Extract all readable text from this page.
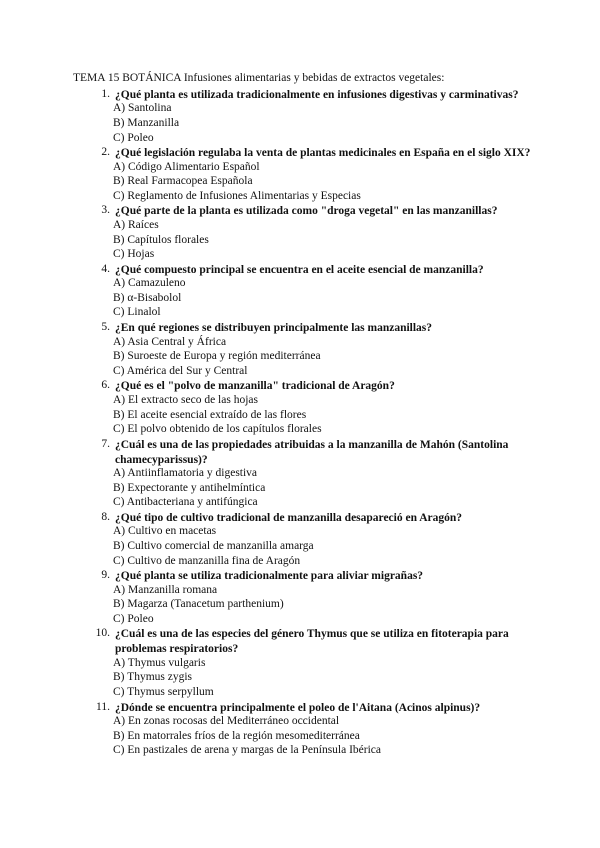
TEMA 15 BOTÁNICA Infusiones alimentarias y bebidas de extractos vegetales:
1. ¿Qué planta es utilizada tradicionalmente en infusiones digestivas y carminativas?
A) Santolina
B) Manzanilla
C) Poleo
2. ¿Qué legislación regulaba la venta de plantas medicinales en España en el siglo XIX?
A) Código Alimentario Español
B) Real Farmacopea Española
C) Reglamento de Infusiones Alimentarias y Especias
3. ¿Qué parte de la planta es utilizada como "droga vegetal" en las manzanillas?
A) Raíces
B) Capítulos florales
C) Hojas
4. ¿Qué compuesto principal se encuentra en el aceite esencial de manzanilla?
A) Camazuleno
B) α-Bisabolol
C) Linalol
5. ¿En qué regiones se distribuyen principalmente las manzanillas?
A) Asia Central y África
B) Suroeste de Europa y región mediterránea
C) América del Sur y Central
6. ¿Qué es el "polvo de manzanilla" tradicional de Aragón?
A) El extracto seco de las hojas
B) El aceite esencial extraído de las flores
C) El polvo obtenido de los capítulos florales
7. ¿Cuál es una de las propiedades atribuidas a la manzanilla de Mahón (Santolina chamecyparissus)?
A) Antiinflamatoria y digestiva
B) Expectorante y antihelmíntica
C) Antibacteriana y antifúngica
8. ¿Qué tipo de cultivo tradicional de manzanilla desapareció en Aragón?
A) Cultivo en macetas
B) Cultivo comercial de manzanilla amarga
C) Cultivo de manzanilla fina de Aragón
9. ¿Qué planta se utiliza tradicionalmente para aliviar migrañas?
A) Manzanilla romana
B) Magarza (Tanacetum parthenium)
C) Poleo
10. ¿Cuál es una de las especies del género Thymus que se utiliza en fitoterapia para problemas respiratorios?
A) Thymus vulgaris
B) Thymus zygis
C) Thymus serpyllum
11. ¿Dónde se encuentra principalmente el poleo de l'Aitana (Acinos alpinus)?
A) En zonas rocosas del Mediterráneo occidental
B) En matorrales fríos de la región mesomediterránea
C) En pastizales de arena y margas de la Península Ibérica
